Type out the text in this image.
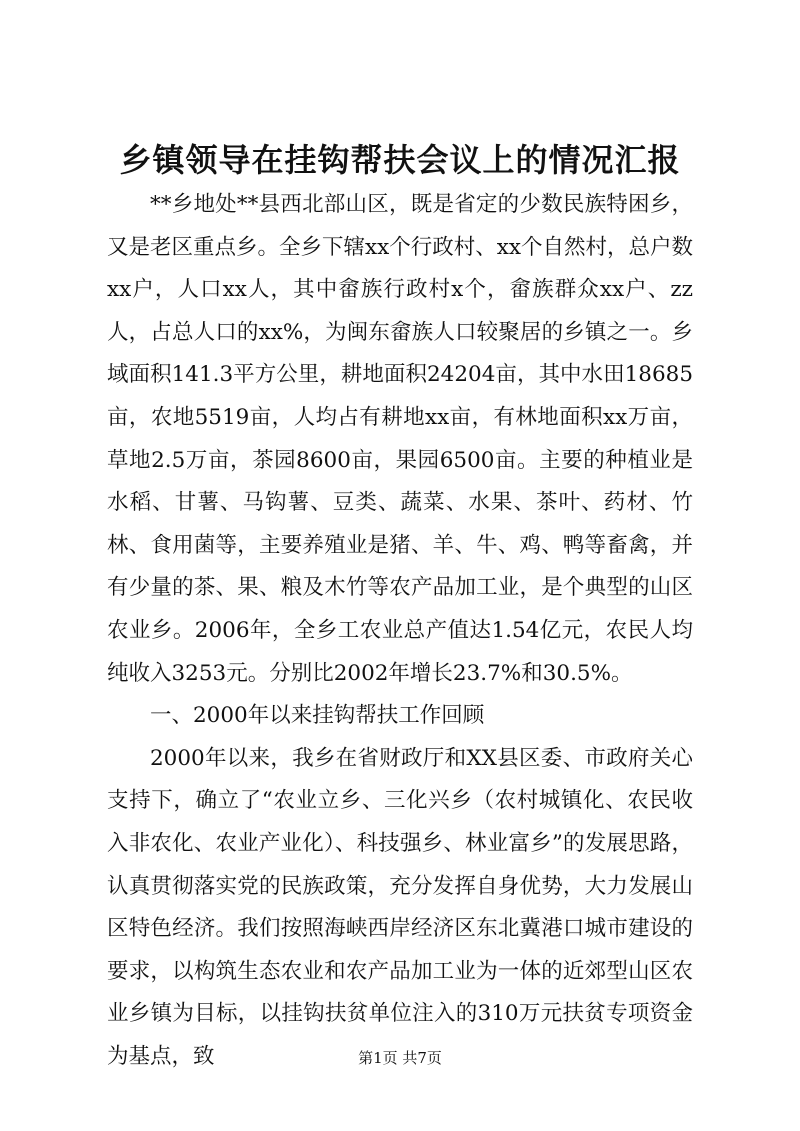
乡镇领导在挂钩帮扶会议上的情况汇报

**乡地处**县西北部山区，既是省定的少数民族特困乡，又是老区重点乡。全乡下辖xx个行政村、xx个自然村，总户数xx户，人口xx人，其中畲族行政村x个，畲族群众xx户、zz人，占总人口的xx%，为闽东畲族人口较聚居的乡镇之一。乡域面积141.3平方公里，耕地面积24204亩，其中水田18685亩，农地5519亩，人均占有耕地xx亩，有林地面积xx万亩，草地2.5万亩，茶园8600亩，果园6500亩。主要的种植业是水稻、甘薯、马钩薯、豆类、蔬菜、水果、茶叶、药材、竹林、食用菌等，主要养殖业是猪、羊、牛、鸡、鸭等畜禽，并有少量的茶、果、粮及木竹等农产品加工业，是个典型的山区农业乡。2006年，全乡工农业总产值达1.54亿元，农民人均纯收入3253元。分别比2002年增长23.7%和30.5%。

一、2000年以来挂钩帮扶工作回顾

2000年以来，我乡在省财政厅和XX县区委、市政府关心支持下，确立了“农业立乡、三化兴乡（农村城镇化、农民收入非农化、农业产业化）、科技强乡、林业富乡”的发展思路，认真贯彻落实党的民族政策，充分发挥自身优势，大力发展山区特色经济。我们按照海峡西岸经济区东北冀港口城市建设的要求，以构筑生态农业和农产品加工业为一体的近郊型山区农业乡镇为目标，以挂钩扶贫单位注入的310万元扶贫专项资金为基点，致	第1页 共7页
